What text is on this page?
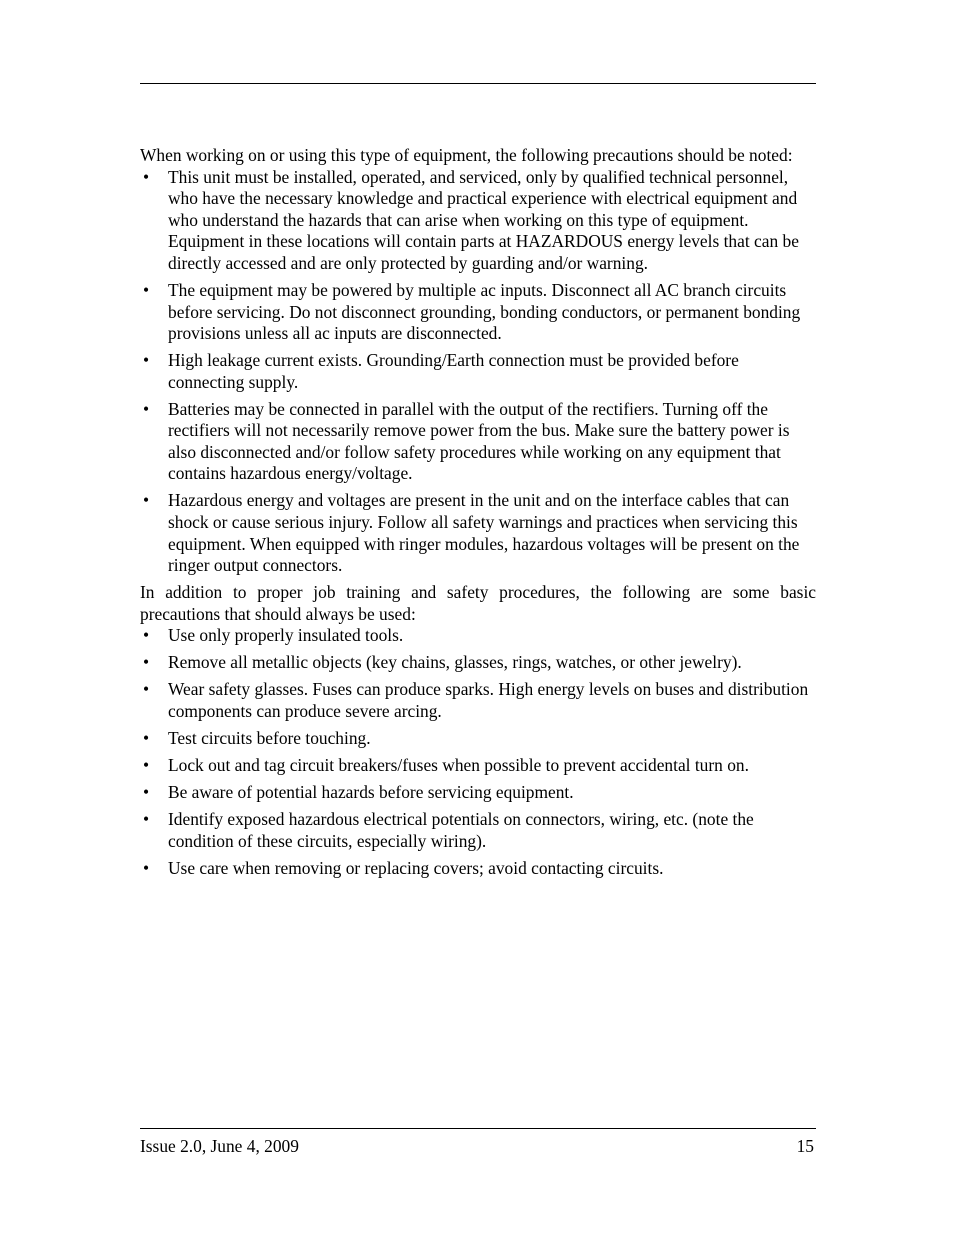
When working on or using this type of equipment, the following precautions should be noted:

• This unit must be installed, operated, and serviced, only by qualified technical personnel, who have the necessary knowledge and practical experience with electrical equipment and who understand the hazards that can arise when working on this type of equipment. Equipment in these locations will contain parts at HAZARDOUS energy levels that can be directly accessed and are only protected by guarding and/or warning.
• The equipment may be powered by multiple ac inputs. Disconnect all AC branch circuits before servicing. Do not disconnect grounding, bonding conductors, or permanent bonding provisions unless all ac inputs are disconnected.
• High leakage current exists. Grounding/Earth connection must be provided before connecting supply.
• Batteries may be connected in parallel with the output of the rectifiers. Turning off the rectifiers will not necessarily remove power from the bus. Make sure the battery power is also disconnected and/or follow safety procedures while working on any equipment that contains hazardous energy/voltage.
• Hazardous energy and voltages are present in the unit and on the interface cables that can shock or cause serious injury. Follow all safety warnings and practices when servicing this equipment. When equipped with ringer modules, hazardous voltages will be present on the ringer output connectors.

In addition to proper job training and safety procedures, the following are some basic precautions that should always be used:

• Use only properly insulated tools.
• Remove all metallic objects (key chains, glasses, rings, watches, or other jewelry).
• Wear safety glasses. Fuses can produce sparks. High energy levels on buses and distribution components can produce severe arcing.
• Test circuits before touching.
• Lock out and tag circuit breakers/fuses when possible to prevent accidental turn on.
• Be aware of potential hazards before servicing equipment.
• Identify exposed hazardous electrical potentials on connectors, wiring, etc. (note the condition of these circuits, especially wiring).
• Use care when removing or replacing covers; avoid contacting circuits.
Issue 2.0, June 4, 2009	15
